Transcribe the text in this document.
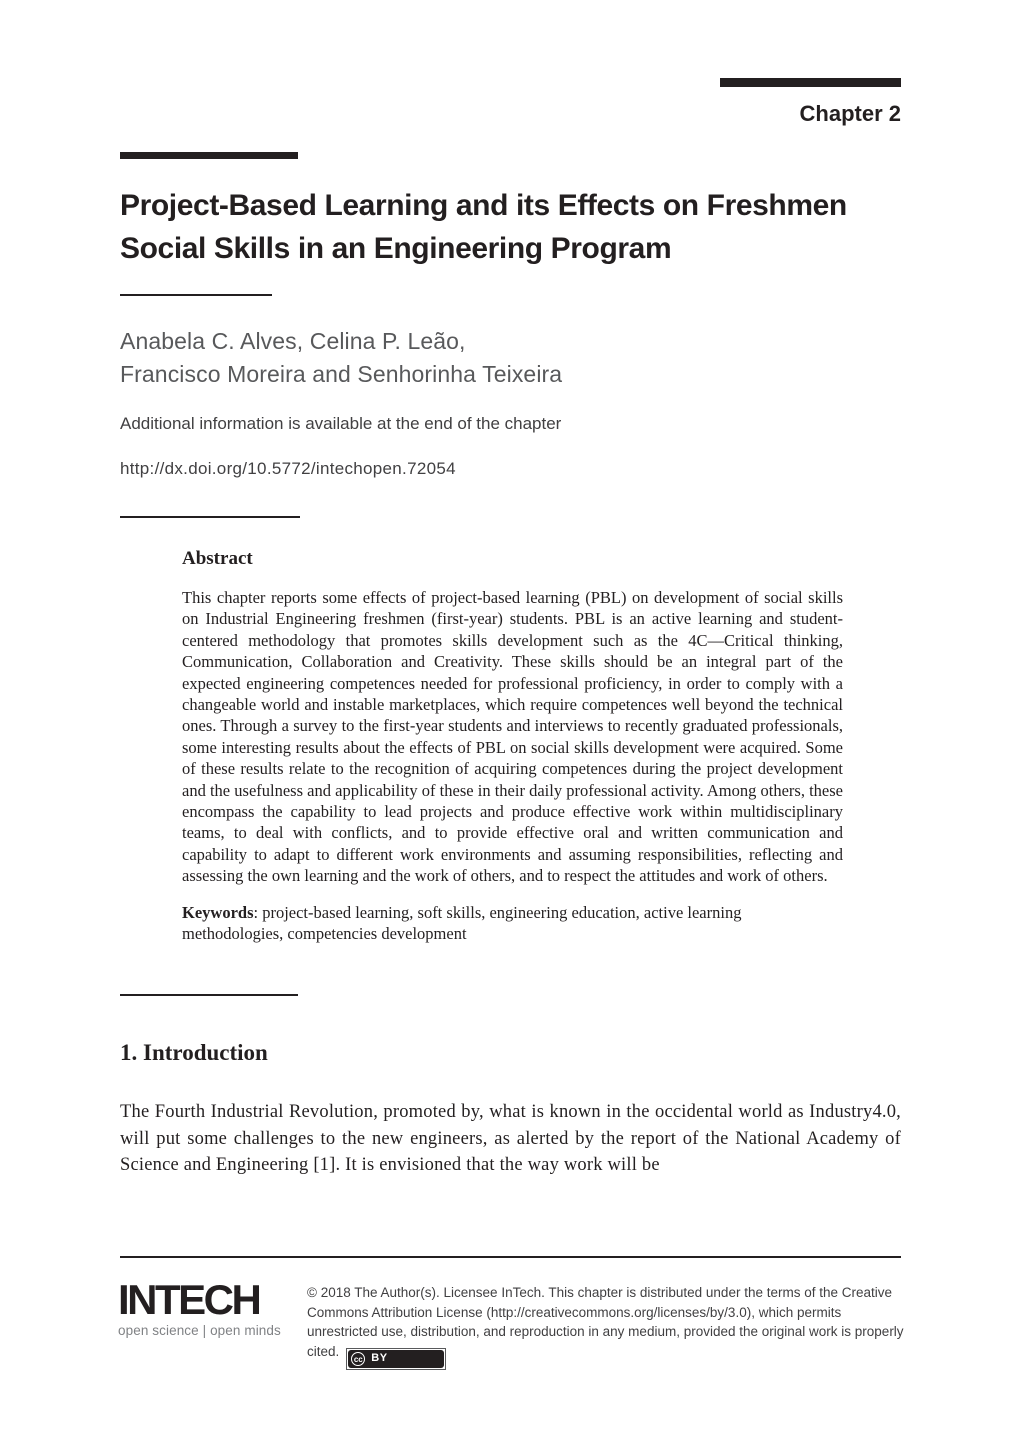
Chapter 2
Project-Based Learning and its Effects on Freshmen
Social Skills in an Engineering Program
Anabela C. Alves, Celina P. Leão,
Francisco Moreira and Senhorinha Teixeira
Additional information is available at the end of the chapter
http://dx.doi.org/10.5772/intechopen.72054
Abstract

This chapter reports some effects of project-based learning (PBL) on development of social skills on Industrial Engineering freshmen (first-year) students. PBL is an active learning and student-centered methodology that promotes skills development such as the 4C—Critical thinking, Communication, Collaboration and Creativity. These skills should be an integral part of the expected engineering competences needed for professional proficiency, in order to comply with a changeable world and instable marketplaces, which require competences well beyond the technical ones. Through a survey to the first-year students and interviews to recently graduated professionals, some interesting results about the effects of PBL on social skills development were acquired. Some of these results relate to the recognition of acquiring competences during the project development and the usefulness and applicability of these in their daily professional activity. Among others, these encompass the capability to lead projects and produce effective work within multidisciplinary teams, to deal with conflicts, and to provide effective oral and written communication and capability to adapt to different work environments and assuming responsibilities, reflecting and assessing the own learning and the work of others, and to respect the attitudes and work of others.

Keywords: project-based learning, soft skills, engineering education, active learning methodologies, competencies development

1. Introduction

The Fourth Industrial Revolution, promoted by, what is known in the occidental world as Industry4.0, will put some challenges to the new engineers, as alerted by the report of the National Academy of Science and Engineering [1]. It is envisioned that the way work will be

INTECH
open science | open minds

© 2018 The Author(s). Licensee InTech. This chapter is distributed under the terms of the Creative Commons Attribution License (http://creativecommons.org/licenses/by/3.0), which permits unrestricted use, distribution, and reproduction in any medium, provided the original work is properly cited.
cc BY
